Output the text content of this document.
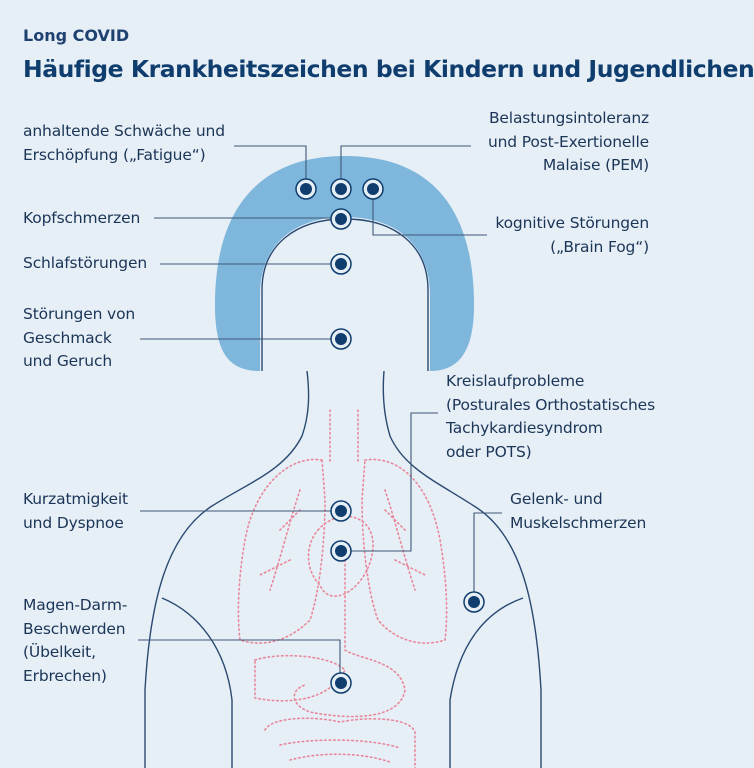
Long COVID
Häufige Krankheitszeichen bei Kindern und Jugendlichen
anhaltende Schwäche und
Erschöpfung („Fatigue“)
Belastungsintoleranz
und Post-Exertionelle
Malaise (PEM)
Kopfschmerzen	kognitive Störungen
(„Brain Fog“)
Schlafstörungen
Störungen von
Geschmack
und Geruch
Kreislaufprobleme
(Posturales Orthostatisches
Tachykardiesyndrom
oder POTS)
Kurzatmigkeit
und Dyspnoe
Gelenk- und
Muskelschmerzen
Magen-Darm-
Beschwerden
(Übelkeit,
Erbrechen)
